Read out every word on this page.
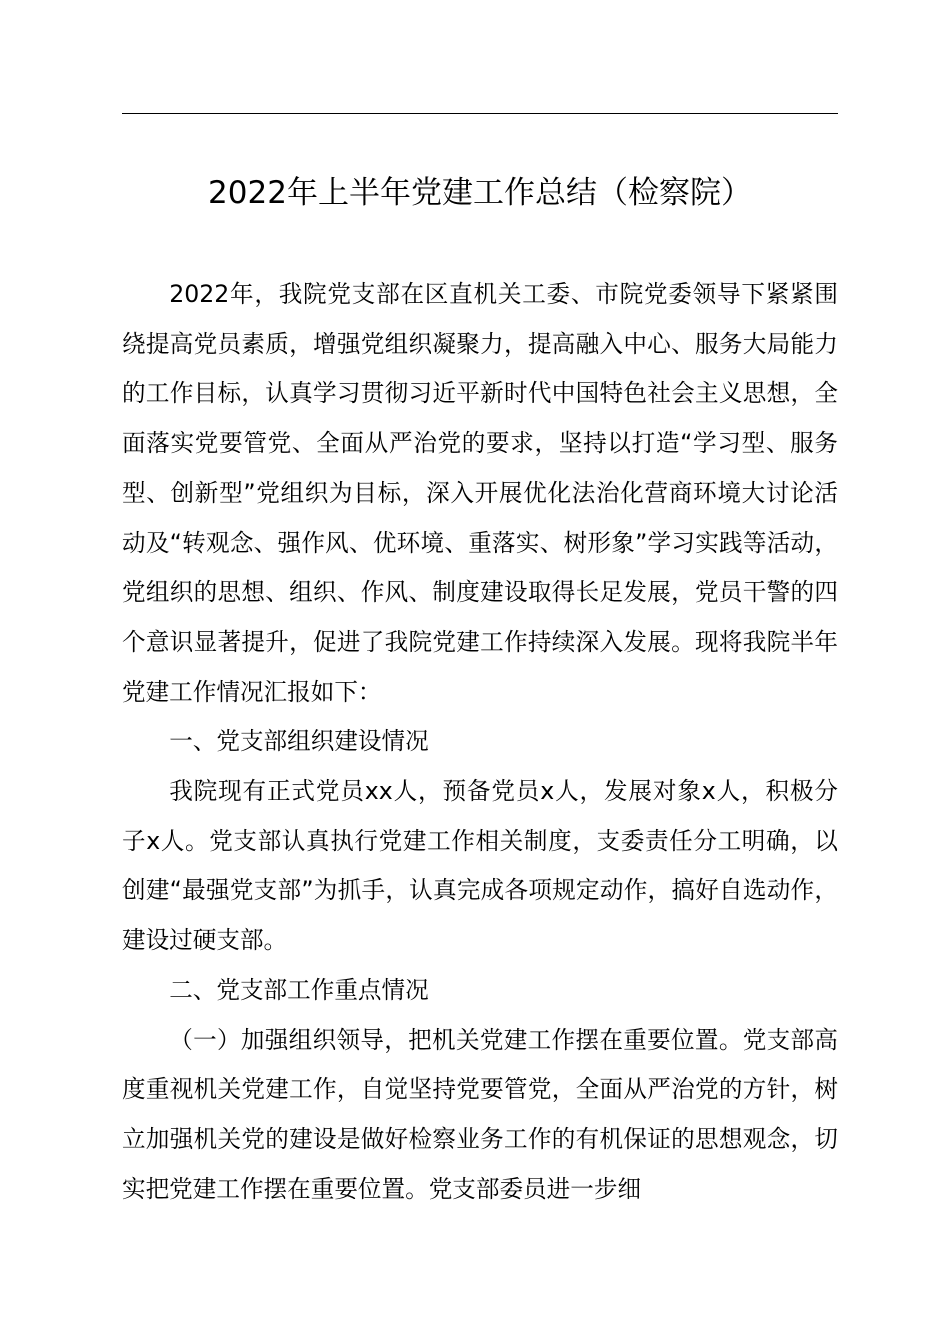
2022年上半年党建工作总结（检察院）

2022年，我院党支部在区直机关工委、市院党委领导下紧紧围绕提高党员素质，增强党组织凝聚力，提高融入中心、服务大局能力的工作目标，认真学习贯彻习近平新时代中国特色社会主义思想，全面落实党要管党、全面从严治党的要求，坚持以打造“学习型、服务型、创新型”党组织为目标，深入开展优化法治化营商环境大讨论活动及“转观念、强作风、优环境、重落实、树形象”学习实践等活动，党组织的思想、组织、作风、制度建设取得长足发展，党员干警的四个意识显著提升，促进了我院党建工作持续深入发展。现将我院半年党建工作情况汇报如下：

一、党支部组织建设情况

我院现有正式党员xx人，预备党员x人，发展对象x人，积极分子x人。党支部认真执行党建工作相关制度，支委责任分工明确，以创建“最强党支部”为抓手，认真完成各项规定动作，搞好自选动作，建设过硬支部。

二、党支部工作重点情况

（一）加强组织领导，把机关党建工作摆在重要位置。党支部高度重视机关党建工作，自觉坚持党要管党，全面从严治党的方针，树立加强机关党的建设是做好检察业务工作的有机保证的思想观念，切实把党建工作摆在重要位置。党支部委员进一步细
